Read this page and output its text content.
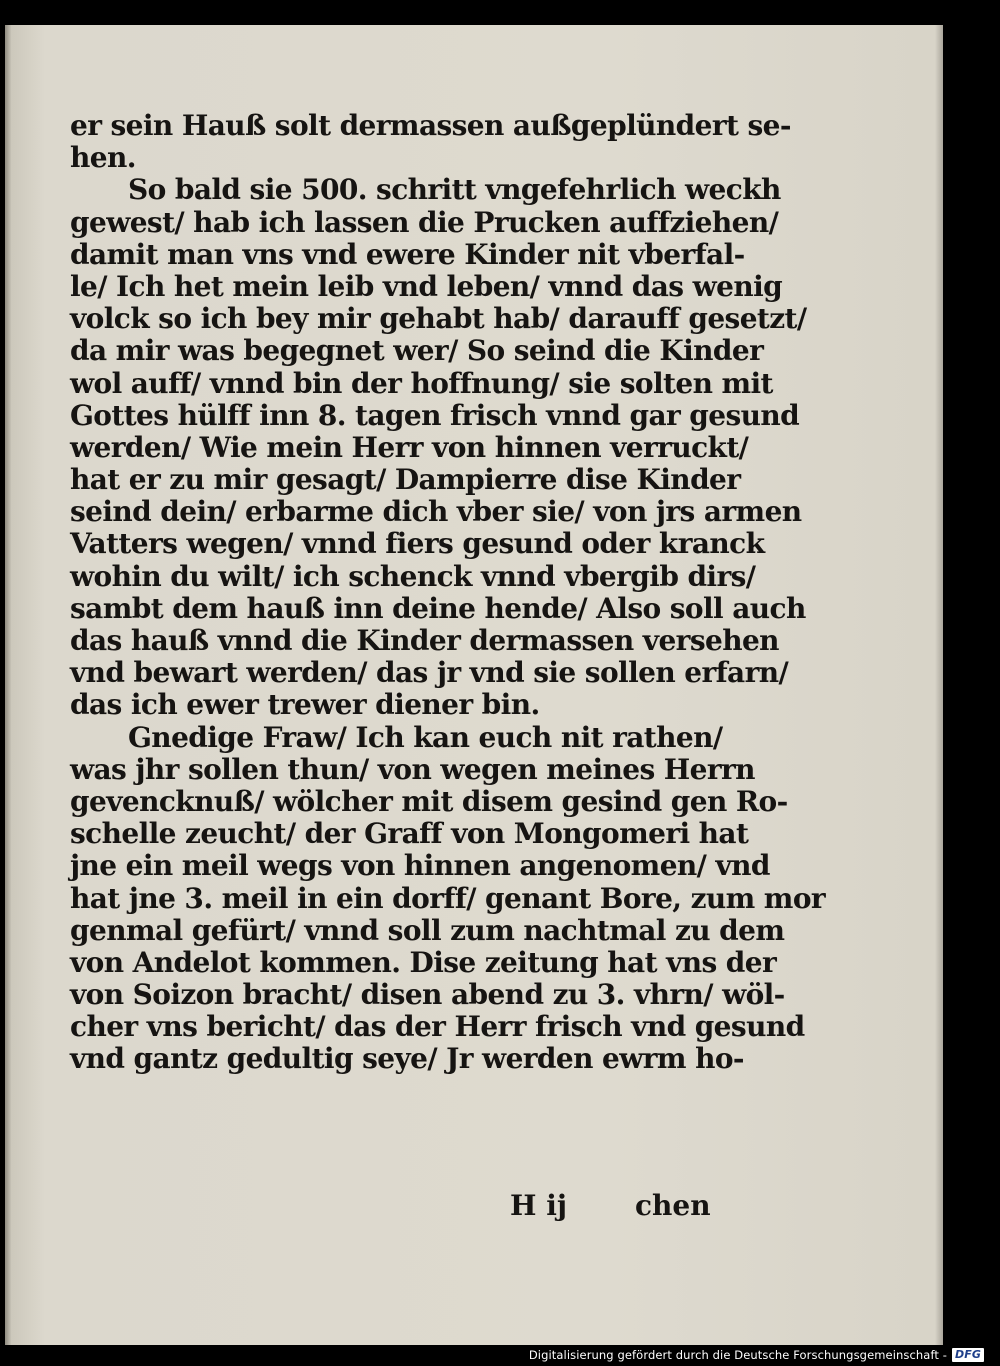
er sein Hauß solt dermassen außgeplündert se-
hen.
So bald sie 500. schritt vngefehrlich weckh
gewest/ hab ich lassen die Prucken auffziehen/
damit man vns vnd ewere Kinder nit vberfal-
le/ Ich het mein leib vnd leben/ vnnd das wenig
volck so ich bey mir gehabt hab/ darauff gesetzt/
da mir was begegnet wer/ So seind die Kinder
wol auff/ vnnd bin der hoffnung/ sie solten mit
Gottes hülff inn 8. tagen frisch vnnd gar gesund
werden/ Wie mein Herr von hinnen verruckt/
hat er zu mir gesagt/ Dampierre dise Kinder
seind dein/ erbarme dich vber sie/ von jrs armen
Vatters wegen/ vnnd fiers gesund oder kranck
wohin du wilt/ ich schenck vnnd vbergib dirs/
sambt dem hauß inn deine hende/ Also soll auch
das hauß vnnd die Kinder dermassen versehen
vnd bewart werden/ das jr vnd sie sollen erfarn/
das ich ewer trewer diener bin.
Gnedige Fraw/ Ich kan euch nit rathen/
was jhr sollen thun/ von wegen meines Herrn
gevencknuß/ wölcher mit disem gesind gen Ro-
schelle zeucht/ der Graff von Mongomeri hat
jne ein meil wegs von hinnen angenomen/ vnd
hat jne 3. meil in ein dorff/ genant Bore, zum mor
genmal gefürt/ vnnd soll zum nachtmal zu dem
von Andelot kommen. Dise zeitung hat vns der
von Soizon bracht/ disen abend zu 3. vhrn/ wöl-
cher vns bericht/ das der Herr frisch vnd gesund
vnd gantz gedultig seye/ Jr werden ewrm ho-
H ij chen
Digitalisierung gefördert durch die Deutsche Forschungsgemeinschaft - DFG
